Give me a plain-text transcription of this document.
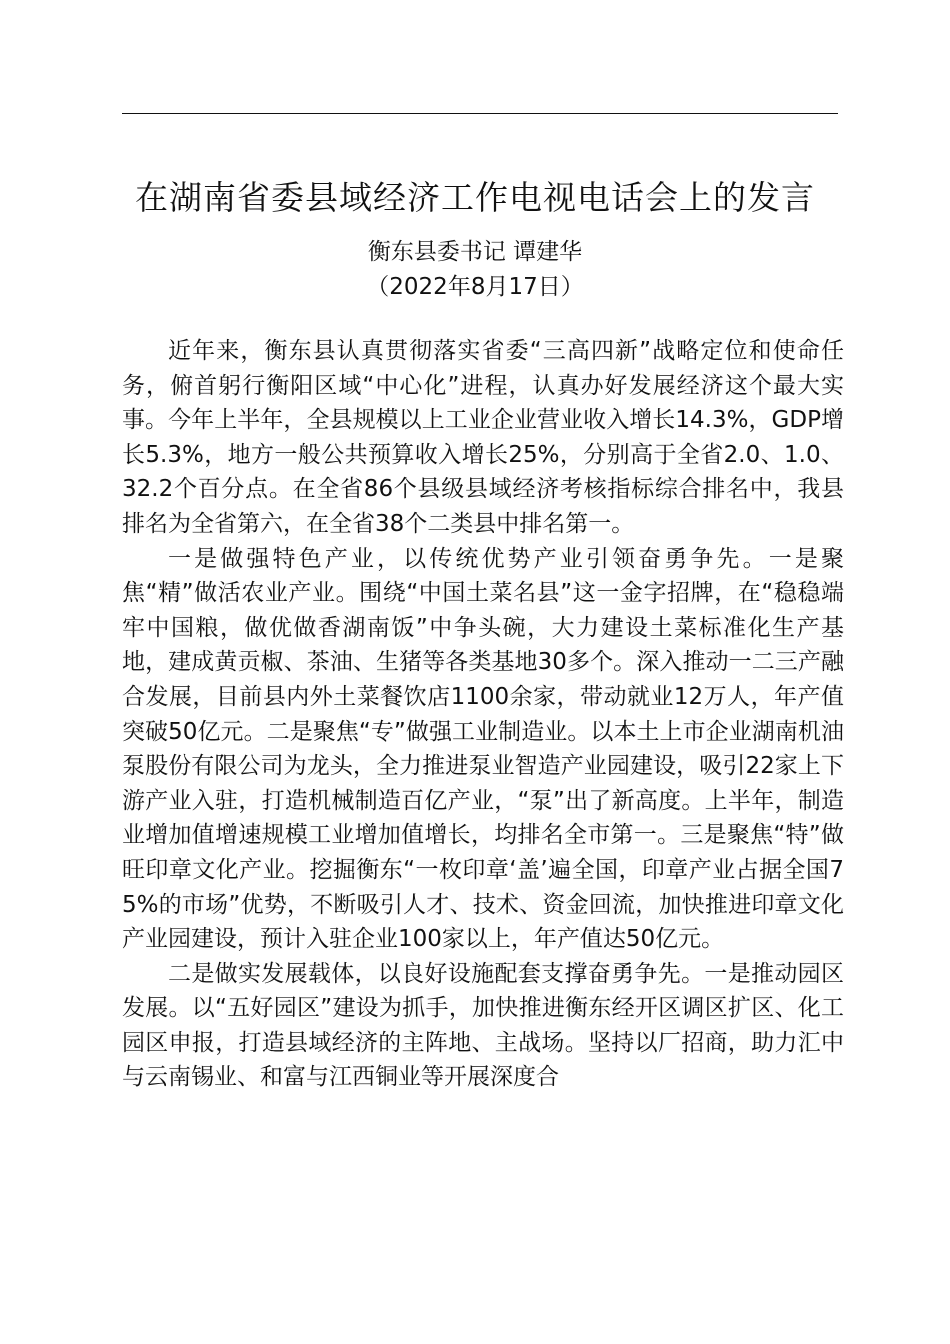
在湖南省委县域经济工作电视电话会上的发言
衡东县委书记 谭建华
（2022年8月17日）

近年来，衡东县认真贯彻落实省委“三高四新”战略定位和使命任务，俯首躬行衡阳区域“中心化”进程，认真办好发展经济这个最大实事。今年上半年，全县规模以上工业企业营业收入增长14.3%，GDP增长5.3%，地方一般公共预算收入增长25%，分别高于全省2.0、1.0、32.2个百分点。在全省86个县级县域经济考核指标综合排名中，我县排名为全省第六，在全省38个二类县中排名第一。

一是做强特色产业，以传统优势产业引领奋勇争先。一是聚焦“精”做活农业产业。围绕“中国土菜名县”这一金字招牌，在“稳稳端牢中国粮，做优做香湖南饭”中争头碗，大力建设土菜标准化生产基地，建成黄贡椒、茶油、生猪等各类基地30多个。深入推动一二三产融合发展，目前县内外土菜餐饮店1100余家，带动就业12万人，年产值突破50亿元。二是聚焦“专”做强工业制造业。以本土上市企业湖南机油泵股份有限公司为龙头，全力推进泵业智造产业园建设，吸引22家上下游产业入驻，打造机械制造百亿产业，“泵”出了新高度。上半年，制造业增加值增速规模工业增加值增长，均排名全市第一。三是聚焦“特”做旺印章文化产业。挖掘衡东“一枚印章‘盖’遍全国，印章产业占据全国75%的市场”优势，不断吸引人才、技术、资金回流，加快推进印章文化产业园建设，预计入驻企业100家以上，年产值达50亿元。

二是做实发展载体，以良好设施配套支撑奋勇争先。一是推动园区发展。以“五好园区”建设为抓手，加快推进衡东经开区调区扩区、化工园区申报，打造县域经济的主阵地、主战场。坚持以厂招商，助力汇中与云南锡业、和富与江西铜业等开展深度合
